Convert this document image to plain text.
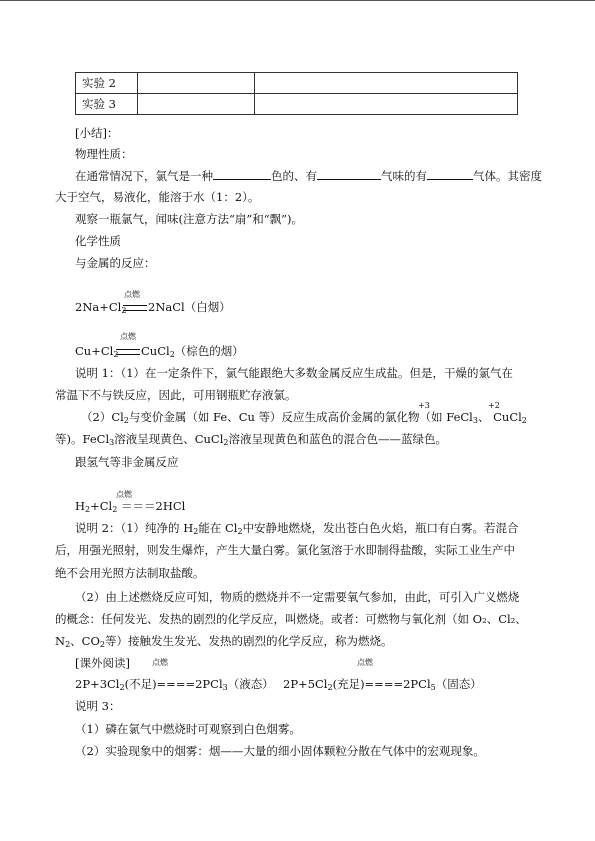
实验 2		
实验 3		
[小结]：
物理性质：
在通常情况下，氯气是一种	色的、有	气味的有	气体。其密度
大于空气，易液化，能溶于水（1：2）。
观察一瓶氯气，闻味(注意方法“扇”和“飘”)。
化学性质
与金属的反应：
点燃
$2Na+Cl_2$ 2NaCl（白烟）
点燃
$Cu+Cl_2$ CuCl$_2$（棕色的烟）
说明 1：（1）在一定条件下，氯气能跟绝大多数金属反应生成盐。但是，干燥的氯气在
常温下不与铁反应，因此，可用钢瓶贮存液氯。
+3	+2
$(2)Cl_2$与变价金属（如 Fe、Cu 等）反应生成高价金属的氯化物（如 FeCl$_3$、 CuCl$_2$
等)。FeCl$_3$溶液呈现黄色、CuCl$_2$溶液呈现黄色和蓝色的混合色——蓝绿色。
跟氢气等非金属反应
点燃
$H_2+Cl_2 ===2HCl$
说明 2：（1）纯净的 $H_2$能在 $Cl_2$中安静地燃烧，发出苍白色火焰，瓶口有白雾。若混合
后，用强光照射，则发生爆炸，产生大量白雾。氯化氢溶于水即制得盐酸，实际工业生产中
绝不会用光照方法制取盐酸。
（2）由上述燃烧反应可知，物质的燃烧并不一定需要氧气参加，由此，可引入广义燃烧
的概念：任何发光、发热的剧烈的化学反应，叫燃烧。或者：可燃物与氧化剂（如 O₂、Cl₂、
$N_2$、$CO_2$等）接触发生发光、发热的剧烈的化学反应，称为燃烧。
[课外阅读]	点燃	点燃
$2P+3Cl_2$(不足)====2PCl$_3$（液态） $2P+5Cl_2$(充足)====2PCl$_5$（固态）
说明 3：
（1）磷在氯气中燃烧时可观察到白色烟雾。
（2）实验现象中的烟雾：烟——大量的细小固体颗粒分散在气体中的宏观现象。
